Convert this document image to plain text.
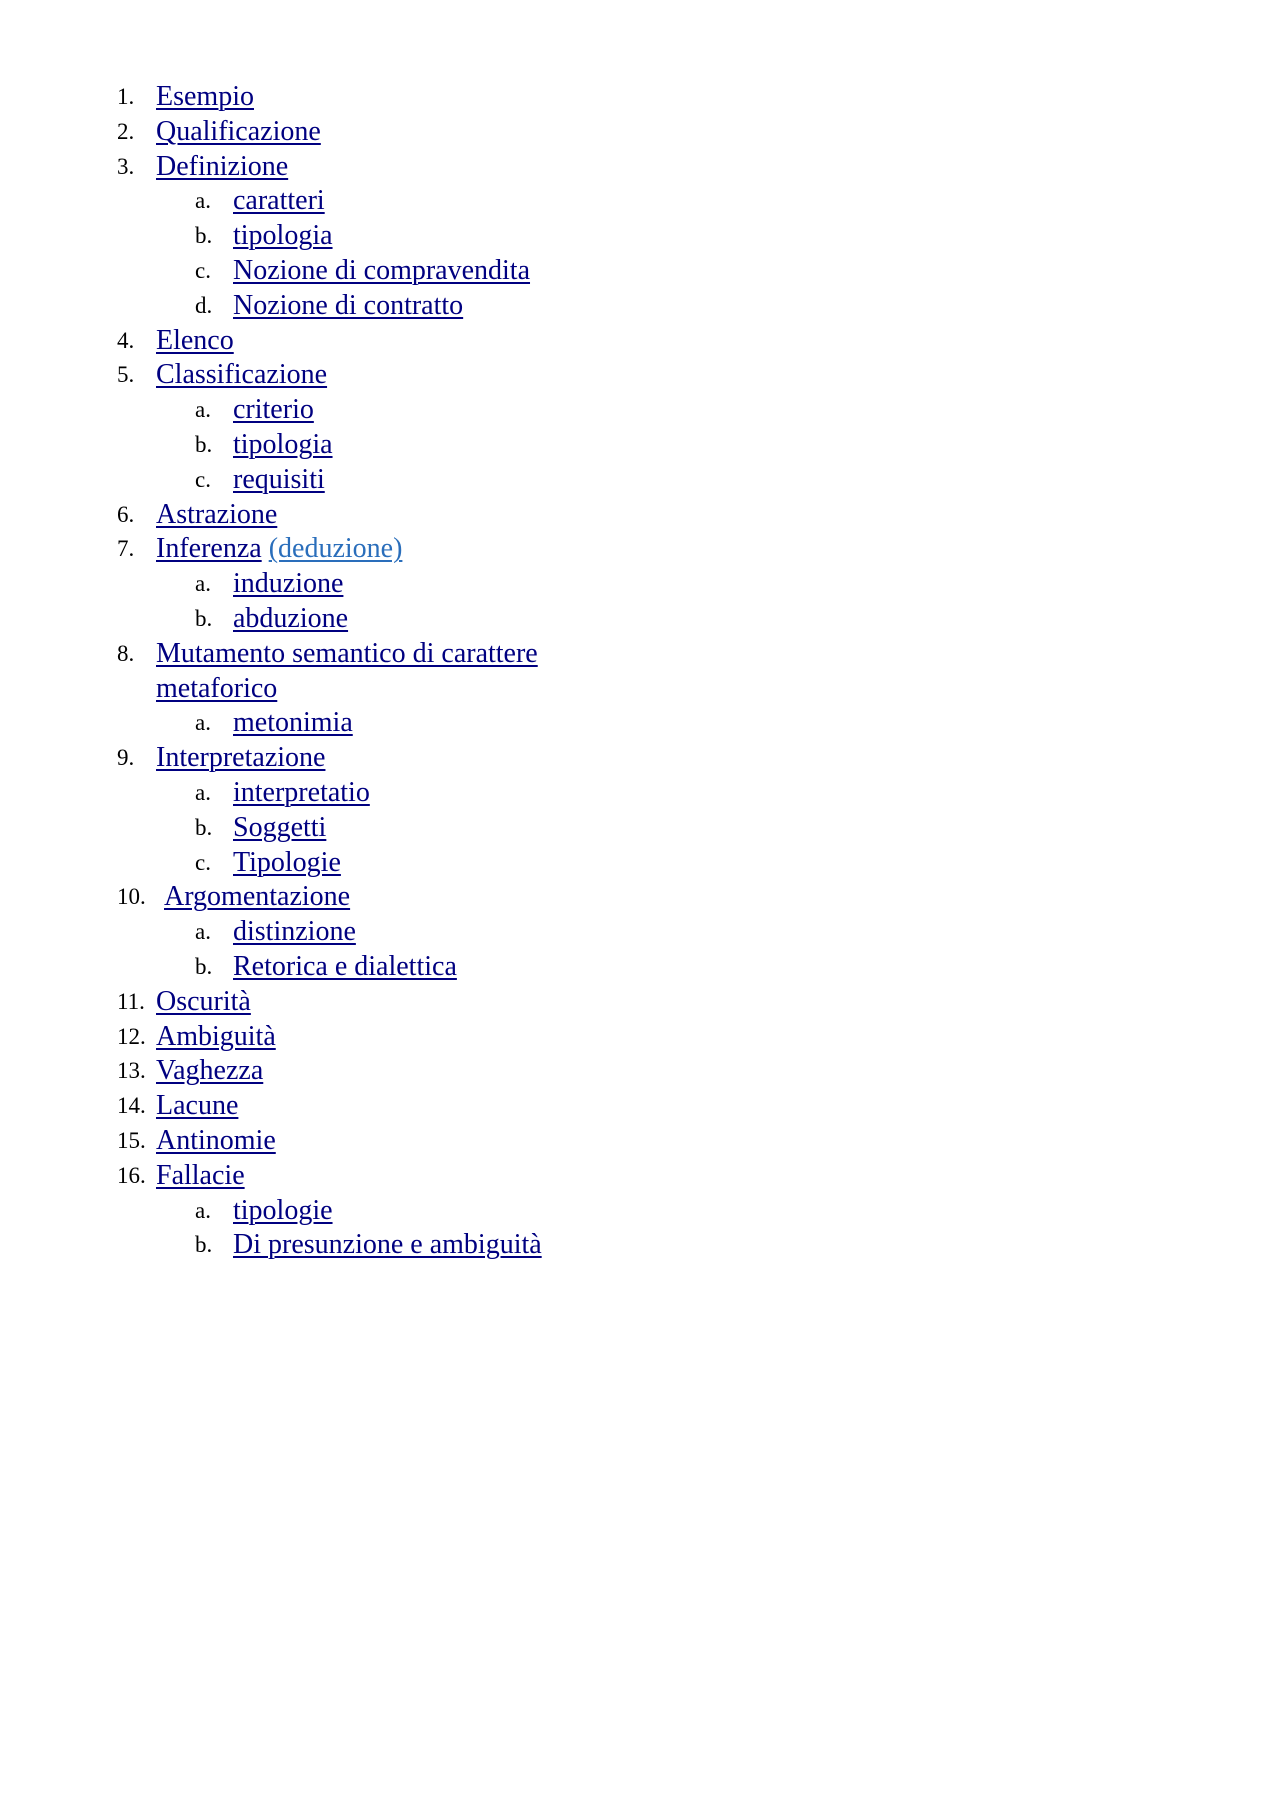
1. Esempio
2. Qualificazione
3. Definizione
a. caratteri
b. tipologia
c. Nozione di compravendita
d. Nozione di contratto
4. Elenco
5. Classificazione
a. criterio
b. tipologia
c. requisiti
6. Astrazione
7. Inferenza (deduzione)
a. induzione
b. abduzione
8. Mutamento semantico di carattere metaforico
a. metonimia
9. Interpretazione
a. interpretatio
b. Soggetti
c. Tipologie
10. Argomentazione
a. distinzione
b. Retorica e dialettica
11. Oscurità
12. Ambiguità
13. Vaghezza
14. Lacune
15. Antinomie
16. Fallacie
a. tipologie
b. Di presunzione e ambiguità
